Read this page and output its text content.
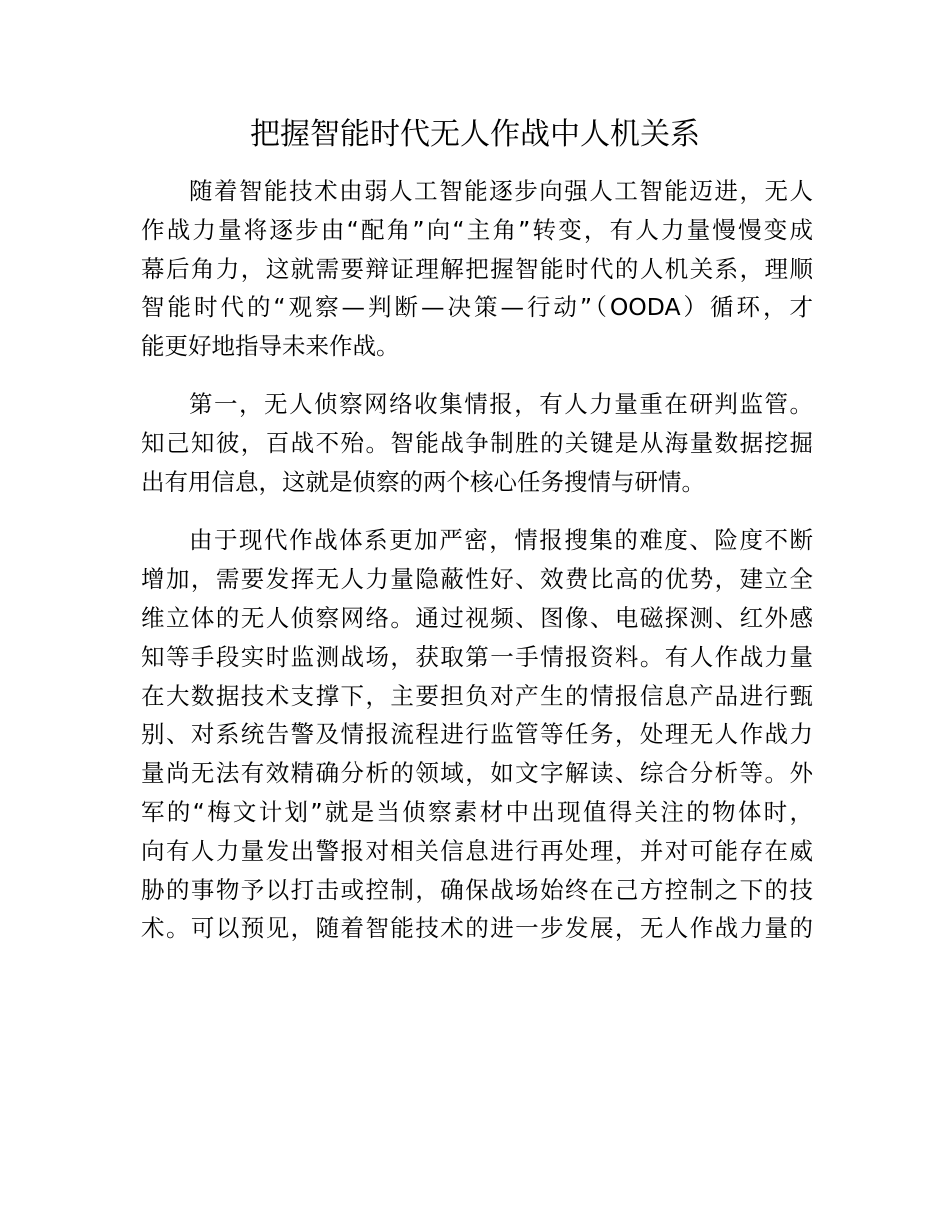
把握智能时代无人作战中人机关系
随着智能技术由弱人工智能逐步向强人工智能迈进，无人
作战力量将逐步由“配角”向“主角”转变，有人力量慢慢变成
幕后角力，这就需要辩证理解把握智能时代的人机关系，理顺
智能时代的“观察—判断—决策—行动”（OODA）循环，才
能更好地指导未来作战。
第一，无人侦察网络收集情报，有人力量重在研判监管。
知己知彼，百战不殆。智能战争制胜的关键是从海量数据挖掘
出有用信息，这就是侦察的两个核心任务搜情与研情。
由于现代作战体系更加严密，情报搜集的难度、险度不断
增加，需要发挥无人力量隐蔽性好、效费比高的优势，建立全
维立体的无人侦察网络。通过视频、图像、电磁探测、红外感
知等手段实时监测战场，获取第一手情报资料。有人作战力量
在大数据技术支撑下，主要担负对产生的情报信息产品进行甄
别、对系统告警及情报流程进行监管等任务，处理无人作战力
量尚无法有效精确分析的领域，如文字解读、综合分析等。外
军的“梅文计划”就是当侦察素材中出现值得关注的物体时，
向有人力量发出警报对相关信息进行再处理，并对可能存在威
胁的事物予以打击或控制，确保战场始终在己方控制之下的技
术。可以预见，随着智能技术的进一步发展，无人作战力量的
